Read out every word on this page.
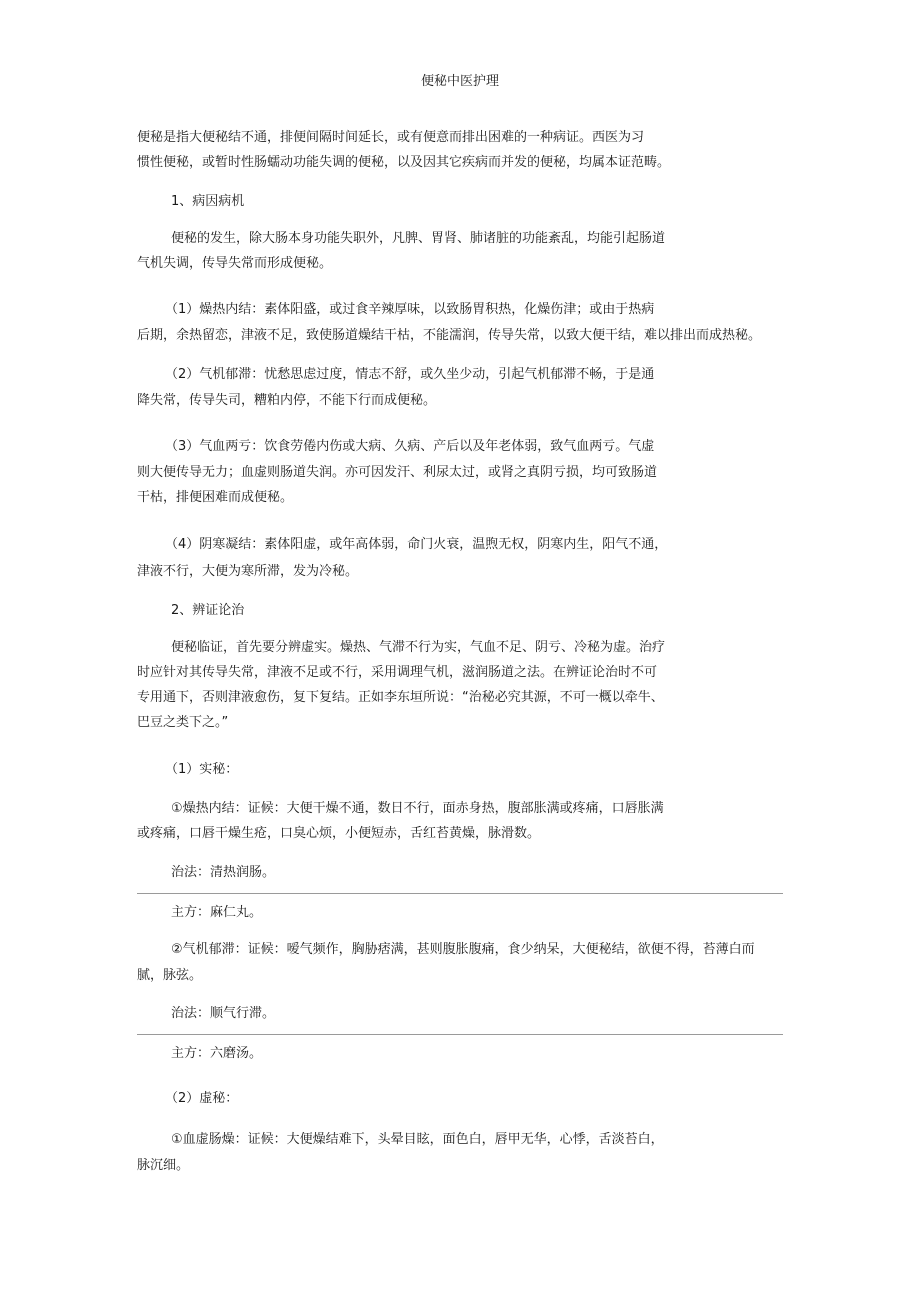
便秘中医护理
便秘是指大便秘结不通，排便间隔时间延长，或有便意而排出困难的一种病证。西医为习
惯性便秘，或暂时性肠蠕动功能失调的便秘，以及因其它疾病而并发的便秘，均属本证范畴。
1、病因病机
便秘的发生，除大肠本身功能失职外，凡脾、胃肾、肺诸脏的功能紊乱，均能引起肠道
气机失调，传导失常而形成便秘。
（1）燥热内结：素体阳盛，或过食辛辣厚味，以致肠胃积热，化燥伤津；或由于热病
后期，余热留恋，津液不足，致使肠道燥结干枯，不能濡润，传导失常，以致大便干结，难以排出而成热秘。
（2）气机郁滞：忧愁思虑过度，情志不舒，或久坐少动，引起气机郁滞不畅，于是通
降失常，传导失司，糟粕内停，不能下行而成便秘。
（3）气血两亏：饮食劳倦内伤或大病、久病、产后以及年老体弱，致气血两亏。气虚
则大便传导无力；血虚则肠道失润。亦可因发汗、利尿太过，或肾之真阴亏损，均可致肠道
干枯，排便困难而成便秘。
（4）阴寒凝结：素体阳虚，或年高体弱，命门火衰，温煦无权，阴寒内生，阳气不通，
津液不行，大便为寒所滞，发为冷秘。
2、辨证论治
便秘临证，首先要分辨虚实。燥热、气滞不行为实，气血不足、阴亏、冷秘为虚。治疗
时应针对其传导失常，津液不足或不行，采用调理气机，滋润肠道之法。在辨证论治时不可
专用通下，否则津液愈伤，复下复结。正如李东垣所说：“治秘必究其源，不可一概以牵牛、
巴豆之类下之。”
（1）实秘：
①燥热内结：证候：大便干燥不通，数日不行，面赤身热，腹部胀满或疼痛，口唇胀满
或疼痛，口唇干燥生疮，口臭心烦，小便短赤，舌红苔黄燥，脉滑数。
治法：清热润肠。
主方：麻仁丸。
②气机郁滞：证候：嗳气频作，胸胁痞满，甚则腹胀腹痛，食少纳呆，大便秘结，欲便不得，苔薄白而
腻，脉弦。
治法：顺气行滞。
主方：六磨汤。
（2）虚秘：
①血虚肠燥：证候：大便燥结难下，头晕目眩，面色白，唇甲无华，心悸，舌淡苔白，
脉沉细。
